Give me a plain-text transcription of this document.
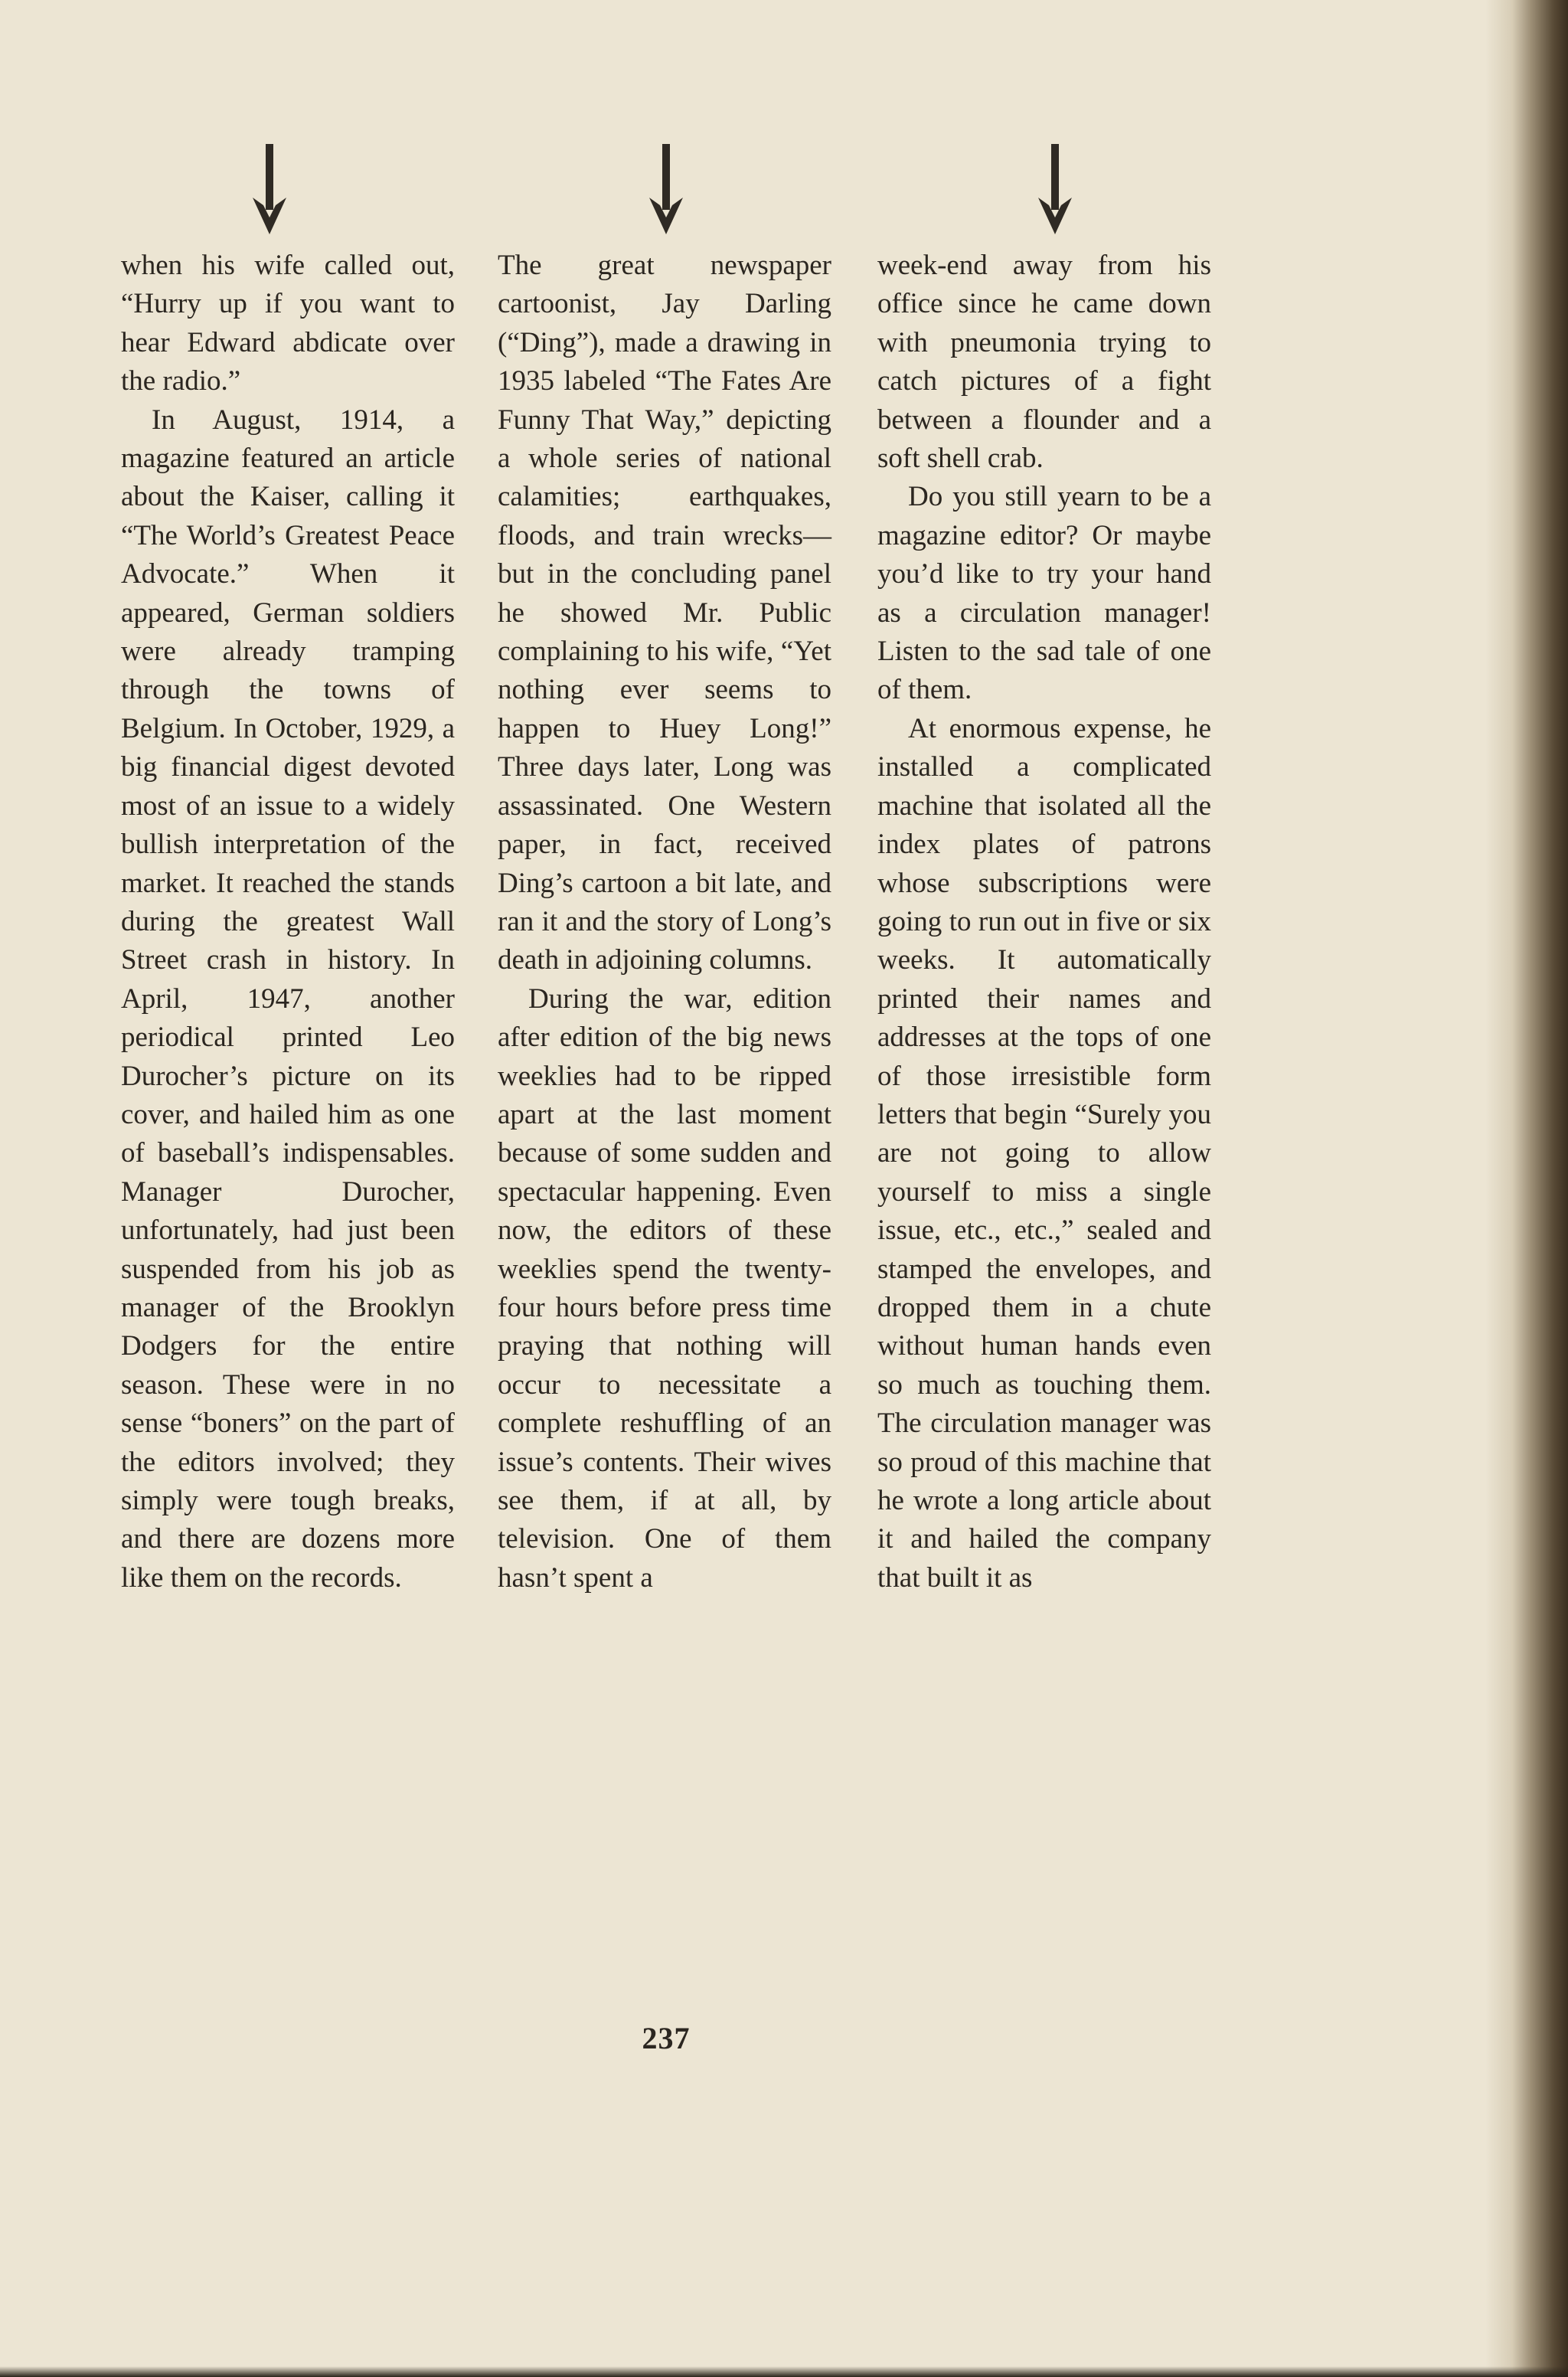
when his wife called out, “Hurry up if you want to hear Edward abdicate over the radio.”

In August, 1914, a magazine featured an article about the Kaiser, calling it “The World’s Greatest Peace Advocate.” When it appeared, German soldiers were already tramping through the towns of Belgium. In October, 1929, a big financial digest devoted most of an issue to a widely bullish interpretation of the market. It reached the stands during the greatest Wall Street crash in history. In April, 1947, another periodical printed Leo Durocher’s picture on its cover, and hailed him as one of baseball’s indispensables. Manager Durocher, unfortunately, had just been suspended from his job as manager of the Brooklyn Dodgers for the entire season. These were in no sense “boners” on the part of the editors involved; they simply were tough breaks, and there are dozens more like them on the records.

The great newspaper cartoonist, Jay Darling (“Ding”), made a drawing in 1935 labeled “The Fates Are Funny That Way,” depicting a whole series of national calamities; earthquakes, floods, and train wrecks—but in the concluding panel he showed Mr. Public complaining to his wife, “Yet nothing ever seems to happen to Huey Long!” Three days later, Long was assassinated. One Western paper, in fact, received Ding’s cartoon a bit late, and ran it and the story of Long’s death in adjoining columns.

During the war, edition after edition of the big news weeklies had to be ripped apart at the last moment because of some sudden and spectacular happening. Even now, the editors of these weeklies spend the twenty-four hours before press time praying that nothing will occur to necessitate a complete reshuffling of an issue’s contents. Their wives see them, if at all, by television. One of them hasn’t spent a

week-end away from his office since he came down with pneumonia trying to catch pictures of a fight between a flounder and a soft shell crab.

Do you still yearn to be a magazine editor? Or maybe you’d like to try your hand as a circulation manager! Listen to the sad tale of one of them.

At enormous expense, he installed a complicated machine that isolated all the index plates of patrons whose subscriptions were going to run out in five or six weeks. It automatically printed their names and addresses at the tops of one of those irresistible form letters that begin “Surely you are not going to allow yourself to miss a single issue, etc., etc.,” sealed and stamped the envelopes, and dropped them in a chute without human hands even so much as touching them. The circulation manager was so proud of this machine that he wrote a long article about it and hailed the company that built it as

237
